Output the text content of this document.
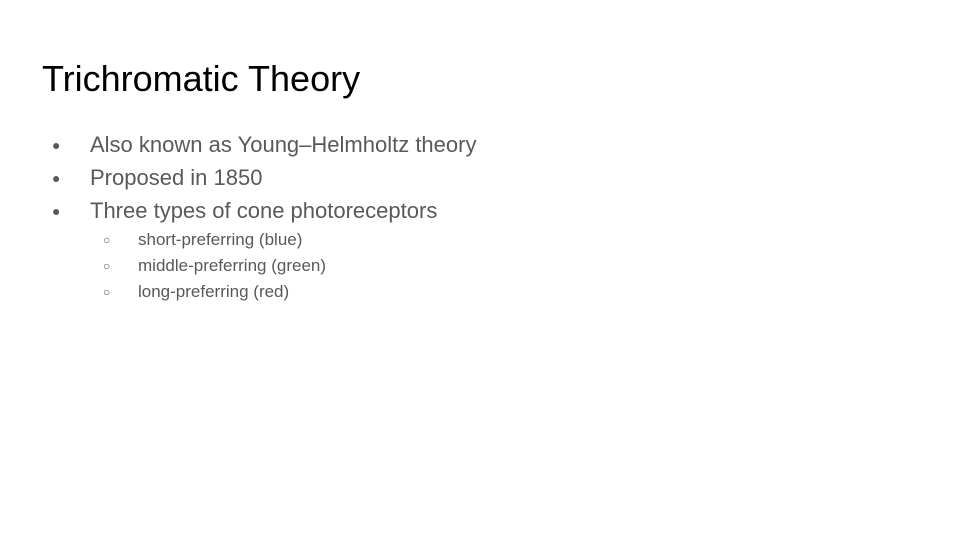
Trichromatic Theory
● Also known as Young–Helmholtz theory
● Proposed in 1850
● Three types of cone photoreceptors
○ short-preferring (blue)
○ middle-preferring (green)
○ long-preferring (red)
